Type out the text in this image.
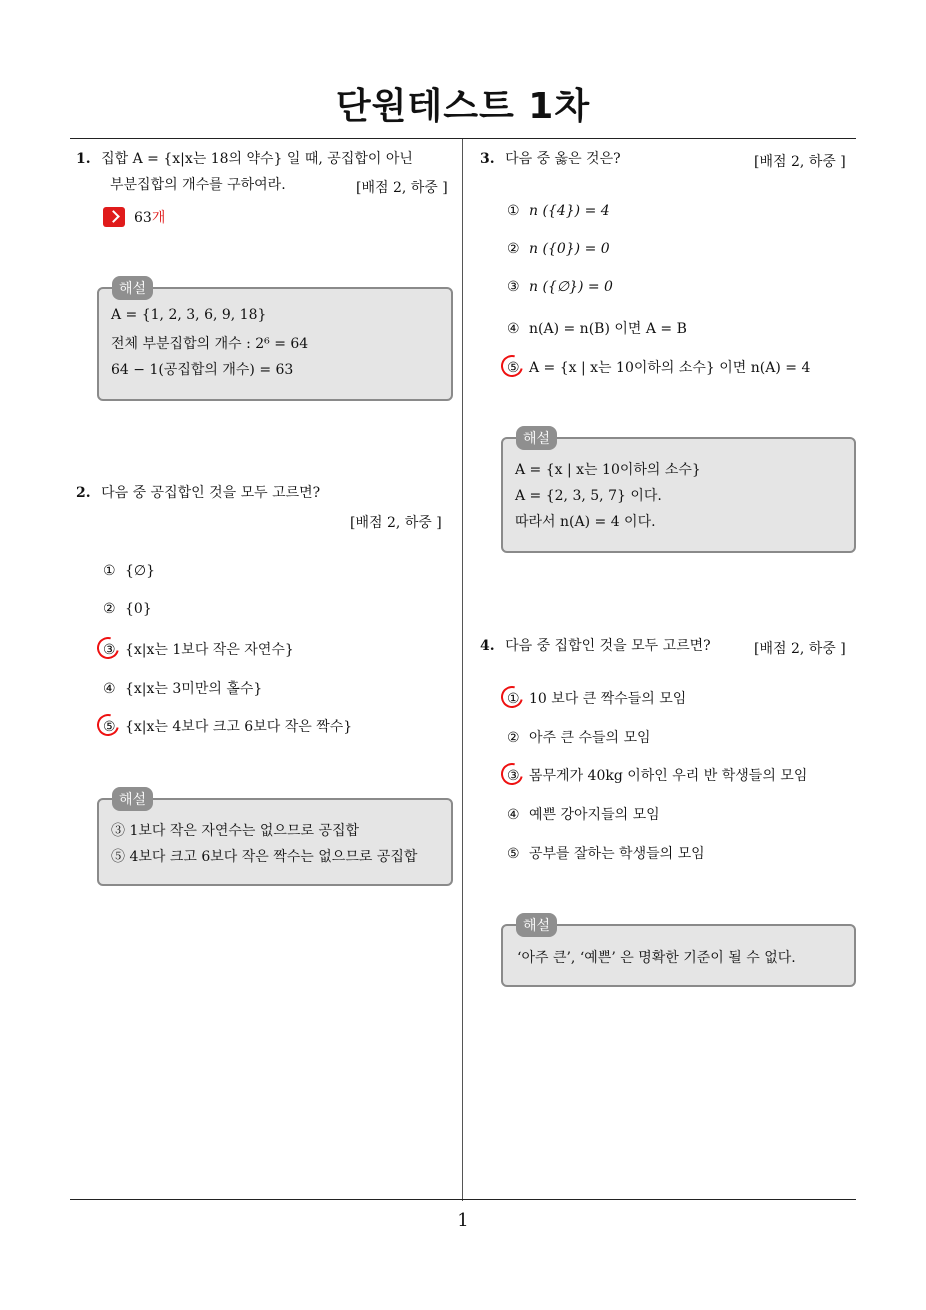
단원테스트 1차
1. 집합 A = {x|x는 18의 약수} 일 때, 공집합이 아닌
부분집합의 개수를 구하여라.	[배점 2, 하중 ]
63개
A = {1, 2, 3, 6, 9, 18}
전체 부분집합의 개수 : 2⁶ = 64
64 − 1(공집합의 개수) = 63
해설
2. 다음 중 공집합인 것을 모두 고르면?
[배점 2, 하중 ]
① {∅}
② {0}
③ {x|x는 1보다 작은 자연수}
④ {x|x는 3미만의 홀수}
⑤ {x|x는 4보다 크고 6보다 작은 짝수}
③ 1보다 작은 자연수는 없으므로 공집합
⑤ 4보다 크고 6보다 작은 짝수는 없으므로 공집합
해설
3. 다음 중 옳은 것은?	[배점 2, 하중 ]
① n ({4}) = 4
② n ({0}) = 0
③ n ({∅}) = 0
④ n(A) = n(B) 이면 A = B
⑤ A = {x | x는 10이하의 소수} 이면 n(A) = 4
A = {x | x는 10이하의 소수}
A = {2, 3, 5, 7} 이다.
따라서 n(A) = 4 이다.
해설
4. 다음 중 집합인 것을 모두 고르면?	[배점 2, 하중 ]
① 10 보다 큰 짝수들의 모임
② 아주 큰 수들의 모임
③ 몸무게가 40kg 이하인 우리 반 학생들의 모임
④ 예쁜 강아지들의 모임
⑤ 공부를 잘하는 학생들의 모임
‘아주 큰’, ‘예쁜’ 은 명확한 기준이 될 수 없다.
해설
1
